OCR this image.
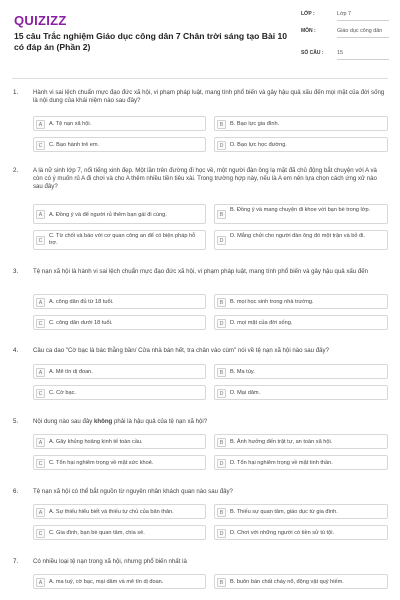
QUIZIZZ
15 câu Trắc nghiệm Giáo dục công dân 7 Chân trời sáng tạo Bài 10 có đáp án (Phần 2)
LỚP :	Lớp 7
MÔN :	Giáo dục công dân
SỐ CÂU :	15
1. Hành vi sai lệch chuẩn mực đạo đức xã hội, vi phạm pháp luật, mang tính phổ biến và gây hậu quả xấu đến mọi mặt của đời sống là nội dung của khái niệm nào sau đây?
A	A. Tệ nạn xã hội.	B	B. Bạo lực gia đình.
C	C. Bạo hành trẻ em.	D	D. Bạo lực học đường.
2. A là nữ sinh lớp 7, nổi tiếng xinh đẹp. Một lần trên đường đi học về, một người đàn ông lạ mặt đã chủ động bắt chuyện với A và còn có ý muốn rủ A đi chơi và cho A thêm nhiều tiền tiêu xài. Trong trường hợp này, nếu là A em nên lựa chọn cách ứng xử nào sau đây?
A	A. Đồng ý và để người rủ thêm bạn gái đi cùng.	B
B. Đồng ý và mang chuyện đi khoe với bạn bè trong lớp.
C
C. Từ chối và báo với cơ quan công an để có biện pháp hỗ trợ.	D
D. Mắng chửi cho người đàn ông đó một trận và bỏ đi.
3. Tệ nạn xã hội là hành vi sai lệch chuẩn mực đạo đức xã hội, vi phạm pháp luật, mang tính phổ biến và gây hậu quả xấu đến
A	A. công dân đủ từ 18 tuổi.	B	B. mọi học sinh trong nhà trường.
C	C. công dân dưới 18 tuổi.	D	D. mọi mặt của đời sống.
4. Câu ca dao "Cờ bạc là bác thằng bần/ Cửa nhà bán hết, tra chân vào cùm" nói về tệ nạn xã hội nào sau đây?
A	A. Mê tín dị đoan.	B	B. Ma túy.
C	C. Cờ bạc.	D	D. Mại dâm.
5. Nội dung nào sau đây không phải là hậu quả của tệ nạn xã hội?
A	A. Gây khủng hoảng kinh tế toàn cầu.	B	B. Ảnh hưởng đến trật tự, an toàn xã hội.
C	C. Tổn hại nghiêm trọng về mặt sức khoẻ.	D	D. Tổn hại nghiêm trọng về mặt tinh thần.
6. Tệ nạn xã hội có thể bắt nguồn từ nguyên nhân khách quan nào sau đây?
A	A. Sự thiếu hiểu biết và thiếu tự chủ của bản thân.	B	B. Thiếu sự quan tâm, giáo dục từ gia đình.
C	C. Gia đình, bạn bè quan tâm, chia sẻ.	D	D. Chơi với những người có tiền sử tù tội.
7. Có nhiều loại tệ nạn trong xã hội, nhưng phổ biến nhất là
A	A. ma tuý, cờ bạc, mại dâm và mê tín dị đoan.	B	B. buôn bán chất cháy nổ, động vật quý hiếm.
